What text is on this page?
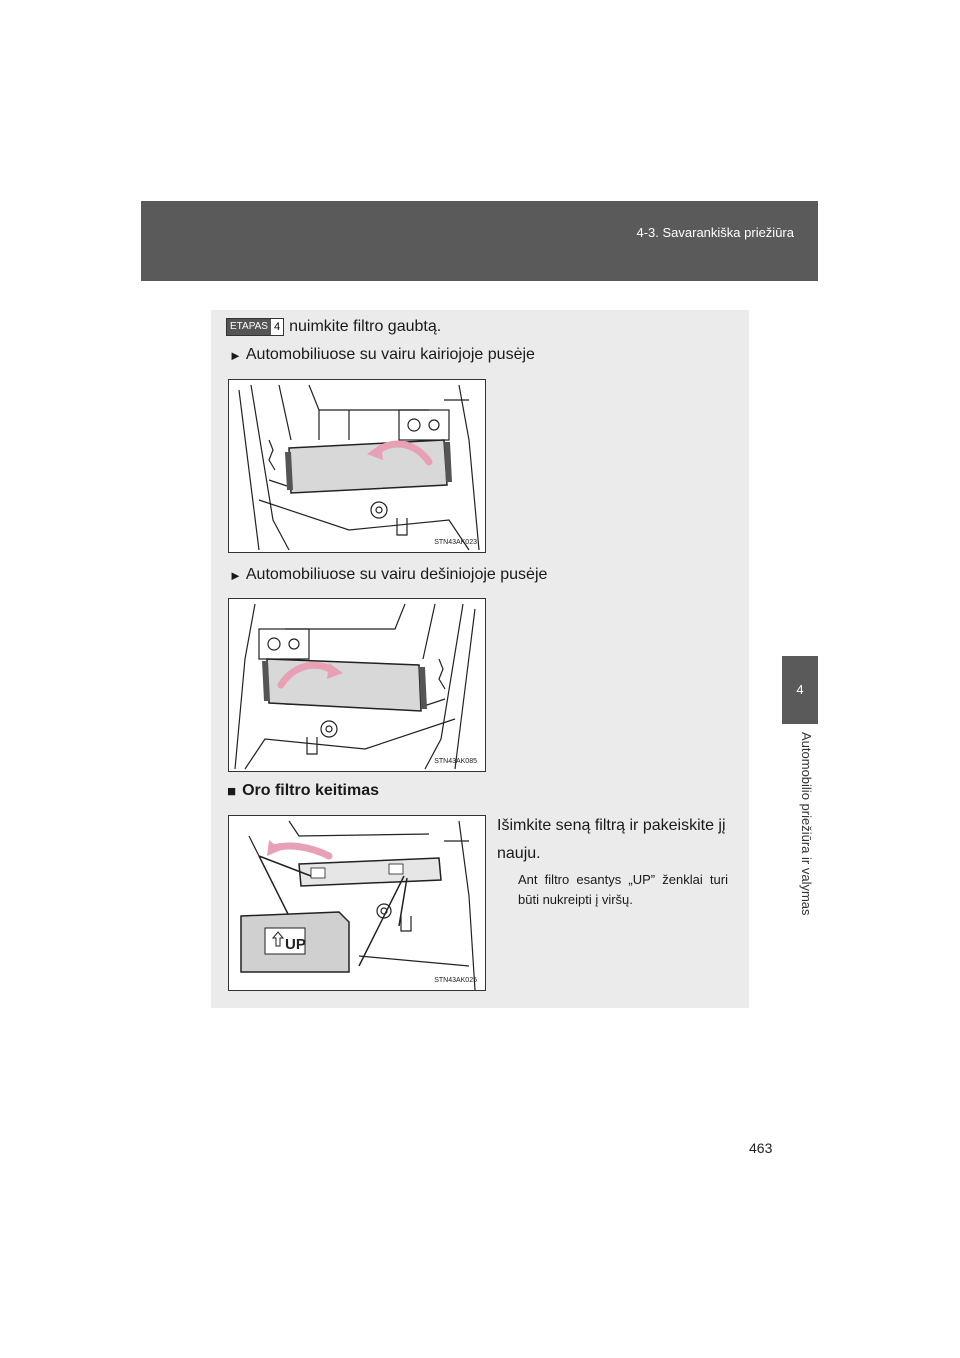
4-3. Savarankiška priežiūra
4
Automobilio priežiūra ir valymas
ETAPAS 4 nuimkite filtro gaubtą.
► Automobiliuose su vairu kairiojoje pusėje
STN43AK023
► Automobiliuose su vairu dešiniojoje pusėje
STN43AK085
■ Oro filtro keitimas
UP
STN43AK025
Išimkite seną filtrą ir pakeiskite jį nauju.
Ant filtro esantys „UP” ženklai turi būti nukreipti į viršų.
463
